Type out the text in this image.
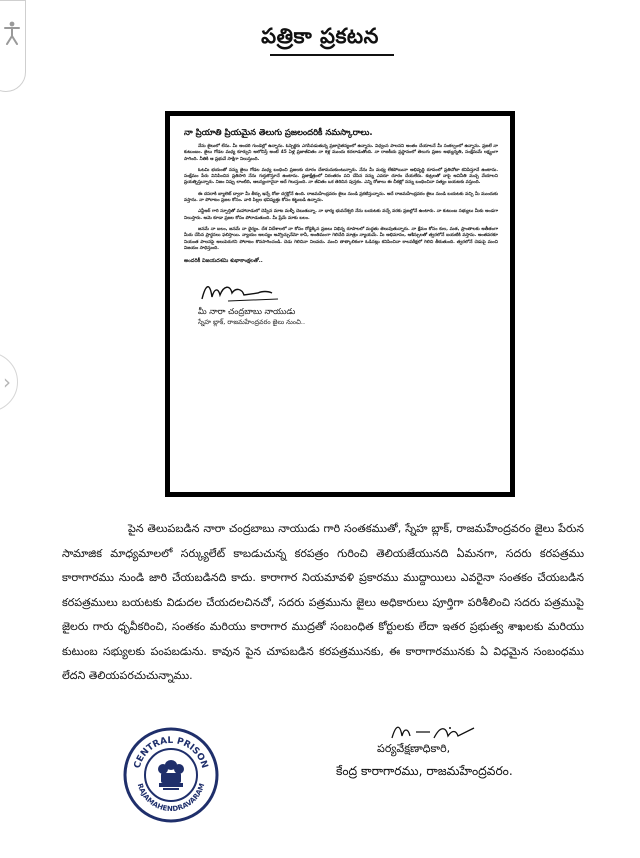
›
పత్రికా ప్రకటన
నా ప్రియాతి ప్రియమైన తెలుగు ప్రజలందరికీ నమస్కారాలు.

నేను జైలులో లేను. మీ అందరి గుండెల్లో ఉన్నాను. ఓస్పెక్టరు ఎగసిపడుతున్న ప్రజాచైతన్యంలో ఉన్నాను. విధ్వంస పాలనని అంతం చేయాలనే మీ సంకల్పంలో ఉన్నాను. ప్రజలే నా కుటుంబం. జైలు గోడల మధ్య కూర్చుని ఆలోచిస్తే అంటే 45 ఏళ్ల ప్రజాజీవితం నా కళ్ల ముందు కదలాడుతోంది. నా రాజకీయ ప్రస్థానంలో తెలుగు ప్రజల అభ్యున్నతి, సంక్షేమమే లక్ష్యంగా సాగింది. నీతికి ఆ ప్రభువే సాక్షిగా నిలుస్తుంది.

ఓటమి భయంతో నన్ను జైలు గోడల మధ్య బంధించి ప్రజలకు దూరం చేశామనుకుంటున్నారు. నేను మీ మధ్య లేకపోయినా అభివృద్ధి రూపంలో ప్రతిచోటా కనిపిస్తూనే ఉంటాను. సంక్షేమం పేరు వినిపించిన ప్రతిసారి నేను గుర్తుకొస్తూనే ఉంటాను. ప్రజాక్షేత్రంలో నిరంతరం పని చేసిన నన్ను ఎవరూ దూరం చేయలేరు. కుట్రలతో నాపై అవినీతి మచ్చ వేయాలని ప్రయత్నిస్తున్నారు. నిజం నిప్పు లాంటిది, ఆలస్యంగానైనా అదే గెలుస్తుంది. నా జీవితం ఒక తెరిచిన పుస్తకం. ఎన్ని రోజులు ఈ చీకట్లో నన్ను బంధించినా సత్యం బయటకు వస్తుంది.

ఈ దసరాకి బ్యాలెట్ ద్వారా మీ తీర్పు ఇచ్చే రోజు దగ్గర్లోనే ఉంది. రాజమహేంద్రవరం జైలు నుండి ప్రకటిస్తున్నాను. అదే రాజమహేంద్రవరం జైలు నుండి బయటకు వచ్చి మీ ముందుకు వస్తాను. నా పోరాటం ప్రజల కోసం. వారి పిల్లల భవిష్యత్తు కోసం కట్టుబడి ఉన్నాను.

ఎన్టీఆర్ గారి స్ఫూర్తితో మహానాడులో చెప్పిన మాట మళ్ళీ చెబుతున్నా. నా భార్య భువనేశ్వరి నేను బయటకు వచ్చే వరకు ప్రజల్లోనే ఉంటారు. నా కుటుంబ సభ్యులు మీకు అండగా నిలుస్తారు. ఆమె కూడా ప్రజల కోసం పోరాడుతుంది. మీ ప్రేమే మాకు బలం.

జనమే నా బలం, జనమే నా ధైర్యం. దేశ విదేశాలలో నా కోసం రోడ్డెక్కిన ప్రజలు విభిన్న రూపాలలో మద్దతు తెలుపుతున్నారు. నా క్షేమం కోసం కుల, మత, ప్రాంతాలకు అతీతంగా మీరు చేసిన ప్రార్థనలు ఫలిస్తాయి. న్యాయం ఆలస్యం అవ్వొచ్చునేమో కానీ, అంతిమంగా గెలిచేది మాత్రం న్యాయమే. మీ అభిమానం, ఆశీస్సులతో త్వరలోనే బయటికి వస్తాను. అంతవరకూ నియంత పాలనపై అలుపెరుగని పోరాటం కొనసాగించండి. చెడు గెలిచినా నిలవదు. మంచి తాత్కాలికంగా ఓడినట్లు కనిపించినా కాలపరీక్షలో గెలిచి తీరుతుంది. త్వరలోనే చెడుపై మంచి విజయం సాధిస్తుంది.

అందరికీ విజయదశమి శుభాకాంక్షలతో..
మీ నారా చంద్రబాబు నాయుడు
స్నేహ బ్లాక్, రాజమహేంద్రవరం జైలు నుంచి..

పైన తెలుపబడిన నారా చంద్రబాబు నాయుడు గారి సంతకముతో, స్నేహ బ్లాక్, రాజమహేంద్రవరం జైలు పేరున సామాజిక మాధ్యమాలలో సర్క్యులేట్ కాబడుచున్న కరపత్రం గురించి తెలియజేయునది ఏమనగా, సదరు కరపత్రము కారాగారము నుండి జారి చేయబడినది కాదు. కారాగార నియమావళి ప్రకారము ముద్దాయిలు ఎవరైనా సంతకం చేయబడిన కరపత్రములు బయటకు విడుదల చేయదలచినచో, సదరు పత్రమును జైలు అధికారులు పూర్తిగా పరిశీలించి సదరు పత్రముపై జైలరు గారు ధృవీకరించి, సంతకం మరియు కారాగార ముద్రతో సంబంధిత కోర్టులకు లేదా ఇతర ప్రభుత్వ శాఖలకు మరియు కుటుంబ సభ్యులకు పంపబడును. కావున పైన చూపబడిన కరపత్రమునకు, ఈ కారాగారమునకు ఏ విధమైన సంబంధము లేదని తెలియపరచుచున్నాము.

పర్యవేక్షణాధికారి,
కేంద్ర కారాగారము, రాజమహేంద్రవరం.
CENTRAL PRISON
RAJAMAHENDRAVARAM
